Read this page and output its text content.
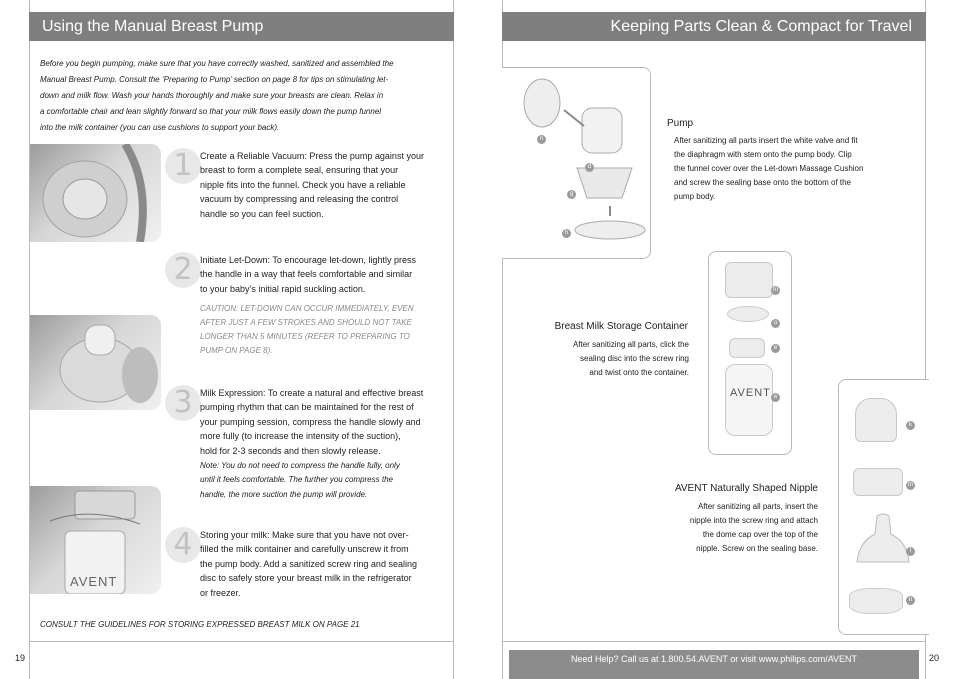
Using the Manual Breast Pump
Before you begin pumping, make sure that you have correctly washed, sanitized and assembled the
Manual Breast Pump. Consult the ‘Preparing to Pump’ section on page 8 for tips on stimulating let-
down and milk flow. Wash your hands thoroughly and make sure your breasts are clean. Relax in
a comfortable chair and lean slightly forward so that your milk flows easily down the pump funnel
into the milk container (you can use cushions to support your back).
AVENT
1
2
3
4
Create a Reliable Vacuum: Press the pump against your
breast to form a complete seal, ensuring that your
nipple fits into the funnel. Check you have a reliable
vacuum by compressing and releasing the control
handle so you can feel suction.
Initiate Let-Down: To encourage let-down, lightly press
the handle in a way that feels comfortable and similar
to your baby’s initial rapid suckling action.
CAUTION: LET-DOWN CAN OCCUR IMMEDIATELY, EVEN
AFTER JUST A FEW STROKES AND SHOULD NOT TAKE
LONGER THAN 5 MINUTES (REFER TO PREPARING TO
PUMP ON PAGE 8).
Milk Expression: To create a natural and effective breast
pumping rhythm that can be maintained for the rest of
your pumping session, compress the handle slowly and
more fully (to increase the intensity of the suction),
hold for 2-3 seconds and then slowly release.
Note: You do not need to compress the handle fully, only
until it feels comfortable. The further you compress the
handle, the more suction the pump will provide.
Storing your milk: Make sure that you have not over-
filled the milk container and carefully unscrew it from
the pump body. Add a sanitized screw ring and sealing
disc to safely store your breast milk in the refrigerator
or freezer.
CONSULT THE GUIDELINES FOR STORING EXPRESSED BREAST MILK ON PAGE 21
19
Keeping Parts Clean & Compact for Travel
n
d
g
h
Pump
After sanitizing all parts insert the white valve and fit
the diaphragm with stem onto the pump body. Clip
the funnel cover over the Let-down Massage Cushion
and screw the sealing base onto the bottom of the
pump body.
AVENT
m
o
e
e
Breast Milk Storage Container
After sanitizing all parts, click the
sealing disc into the screw ring
and twist onto the container.
k
m
l
n
AVENT Naturally Shaped Nipple
After sanitizing all parts, insert the
nipple into the screw ring and attach
the dome cap over the top of the
nipple. Screw on the sealing base.
Need Help? Call us at 1.800.54.AVENT or visit www.philips.com/AVENT	20
